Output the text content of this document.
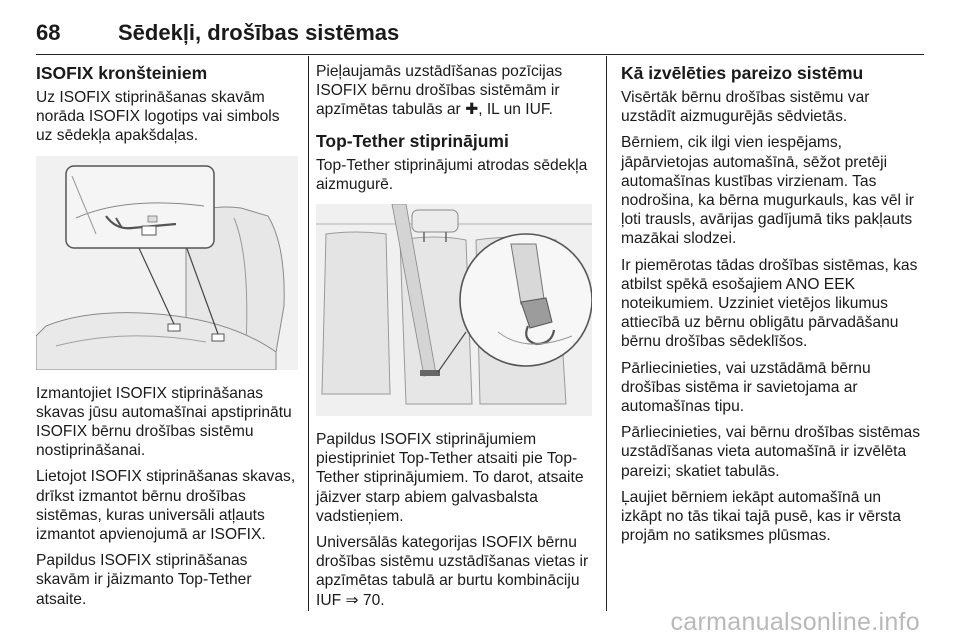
68	Sēdekļi, drošības sistēmas
ISOFIX kronšteiniem

Uz ISOFIX stiprināšanas skavām norāda ISOFIX logotips vai simbols uz sēdekļa apakšdaļas.

Izmantojiet ISOFIX stiprināšanas skavas jūsu automašīnai apstiprinātu ISOFIX bērnu drošības sistēmu nostiprināšanai.

Lietojot ISOFIX stiprināšanas skavas, drīkst izmantot bērnu drošības sistēmas, kuras universāli atļauts izmantot apvienojumā ar ISOFIX.

Papildus ISOFIX stiprināšanas skavām ir jāizmanto Top-Tether atsaite.

Pieļaujamās uzstādīšanas pozīcijas ISOFIX bērnu drošības sistēmām ir apzīmētas tabulās ar ✚, IL un IUF.

Top-Tether stiprinājumi

Top-Tether stiprinājumi atrodas sēdekļa aizmugurē.

Papildus ISOFIX stiprinājumiem piestipriniet Top-Tether atsaiti pie Top-Tether stiprinājumiem. To darot, atsaite jāizver starp abiem galvasbalsta vadstieņiem.

Universālās kategorijas ISOFIX bērnu drošības sistēmu uzstādīšanas vietas ir apzīmētas tabulā ar burtu kombināciju IUF ⇒ 70.

Kā izvēlēties pareizo sistēmu

Visērtāk bērnu drošības sistēmu var uzstādīt aizmugurējās sēdvietās.

Bērniem, cik ilgi vien iespējams, jāpārvietojas automašīnā, sēžot pretēji automašīnas kustības virzienam. Tas nodrošina, ka bērna mugurkauls, kas vēl ir ļoti trausls, avārijas gadījumā tiks pakļauts mazākai slodzei.

Ir piemērotas tādas drošības sistēmas, kas atbilst spēkā esošajiem ANO EEK noteikumiem. Uzziniet vietējos likumus attiecībā uz bērnu obligātu pārvadāšanu bērnu drošības sēdeklīšos.

Pārliecinieties, vai uzstādāmā bērnu drošības sistēma ir savietojama ar automašīnas tipu.

Pārliecinieties, vai bērnu drošības sistēmas uzstādīšanas vieta automašīnā ir izvēlēta pareizi; skatiet tabulās.

Ļaujiet bērniem iekāpt automašīnā un izkāpt no tās tikai tajā pusē, kas ir vērsta projām no satiksmes plūsmas.

carmanualsonline.info
